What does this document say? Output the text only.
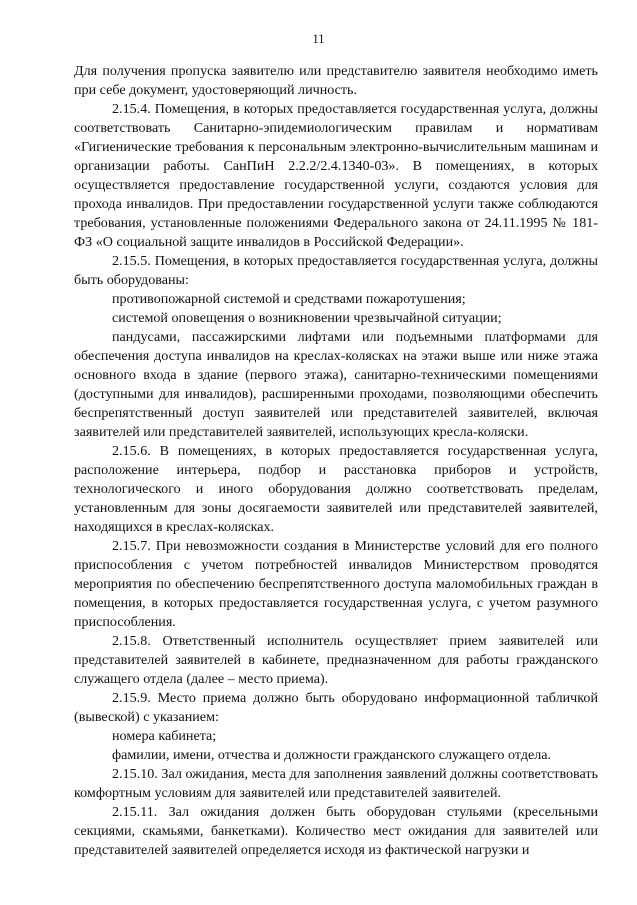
11

Для получения пропуска заявителю или представителю заявителя необходимо иметь при себе документ, удостоверяющий личность.

2.15.4. Помещения, в которых предоставляется государственная услуга, должны соответствовать Санитарно-эпидемиологическим правилам и нормативам «Гигиенические требования к персональным электронно-вычислительным машинам и организации работы. СанПиН 2.2.2/2.4.1340-03». В помещениях, в которых осуществляется предоставление государственной услуги, создаются условия для прохода инвалидов. При предоставлении государственной услуги также соблюдаются требования, установленные положениями Федерального закона от 24.11.1995 № 181-ФЗ «О социальной защите инвалидов в Российской Федерации».

2.15.5. Помещения, в которых предоставляется государственная услуга, должны быть оборудованы:

противопожарной системой и средствами пожаротушения;

системой оповещения о возникновении чрезвычайной ситуации;

пандусами, пассажирскими лифтами или подъемными платформами для обеспечения доступа инвалидов на креслах-колясках на этажи выше или ниже этажа основного входа в здание (первого этажа), санитарно-техническими помещениями (доступными для инвалидов), расширенными проходами, позволяющими обеспечить беспрепятственный доступ заявителей или представителей заявителей, включая заявителей или представителей заявителей, использующих кресла-коляски.

2.15.6. В помещениях, в которых предоставляется государственная услуга, расположение интерьера, подбор и расстановка приборов и устройств, технологического и иного оборудования должно соответствовать пределам, установленным для зоны досягаемости заявителей или представителей заявителей, находящихся в креслах-колясках.

2.15.7. При невозможности создания в Министерстве условий для его полного приспособления с учетом потребностей инвалидов Министерством проводятся мероприятия по обеспечению беспрепятственного доступа маломобильных граждан в помещения, в которых предоставляется государственная услуга, с учетом разумного приспособления.

2.15.8. Ответственный исполнитель осуществляет прием заявителей или представителей заявителей в кабинете, предназначенном для работы гражданского служащего отдела (далее – место приема).

2.15.9. Место приема должно быть оборудовано информационной табличкой (вывеской) с указанием:

номера кабинета;

фамилии, имени, отчества и должности гражданского служащего отдела.

2.15.10. Зал ожидания, места для заполнения заявлений должны соответствовать комфортным условиям для заявителей или представителей заявителей.

2.15.11. Зал ожидания должен быть оборудован стульями (кресельными секциями, скамьями, банкетками). Количество мест ожидания для заявителей или представителей заявителей определяется исходя из фактической нагрузки и
